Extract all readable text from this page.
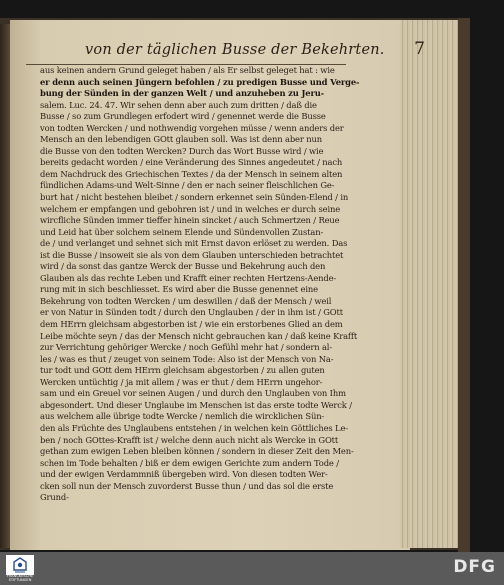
von der täglichen Busse der Bekehrten. 7
aus keinen andern Grund geleget haben / als Er selbst geleget hat : wie
er denn auch seinen Jüngern befohlen / zu predigen Busse und Verge-
bung der Sünden in der ganzen Welt / und anzuheben zu Jeru-
salem. Luc. 24. 47. Wir sehen denn aber auch zum dritten / daß die
Busse / so zum Grundlegen erfodert wird / genennet werde die Busse
von todten Wercken / und nothwendig vorgehen müsse / wenn anders der
Mensch an den lebendigen GOtt glauben soll. Was ist denn aber nun
die Busse von den todten Wercken? Durch das Wort Busse wird / wie
bereits gedacht worden / eine Veränderung des Sinnes angedeutet / nach
dem Nachdruck des Griechischen Textes / da der Mensch in seinem alten
fündlichen Adams-und Welt-Sinne / den er nach seiner fleischlichen Ge-
burt hat / nicht bestehen bleibet / sondern erkennet sein Sünden-Elend / in
welchem er empfangen und gebohren ist / und in welches er durch seine
wircfliche Sünden immer tieffer hinein sincket / auch Schmertzen / Reue
und Leid hat über solchem seinem Elende und Sündenvollen Zustan-
de / und verlanget und sehnet sich mit Ernst davon erlöset zu werden. Das
ist die Busse / insoweit sie als von dem Glauben unterschieden betrachtet
wird / da sonst das gantze Werck der Busse und Bekehrung auch den
Glauben als das rechte Leben und Krafft einer rechten Hertzens-Aende-
rung mit in sich beschliesset. Es wird aber die Busse genennet eine
Bekehrung von todten Wercken / um deswillen / daß der Mensch / weil
er von Natur in Sünden todt / durch den Unglauben / der in ihm ist / GOtt
dem HErrn gleichsam abgestorben ist / wie ein erstorbenes Glied an dem
Leibe möchte seyn / das der Mensch nicht gebrauchen kan / daß keine Krafft
zur Verrichtung gehöriger Wercke / noch Gefühl mehr hat / sondern al-
les / was es thut / zeuget von seinem Tode: Also ist der Mensch von Na-
tur todt und GOtt dem HErrn gleichsam abgestorben / zu allen guten
Wercken untüchtig / ja mit allem / was er thut / dem HErrn ungehor-
sam und ein Greuel vor seinen Augen / und durch den Unglauben von Ihm
abgesondert. Und dieser Unglaube im Menschen ist das erste todte Werck /
aus welchem alle übrige todte Wercke / nemlich die wircklichen Sün-
den als Früchte des Unglaubens entstehen / in welchen kein Göttliches Le-
ben / noch GOttes-Krafft ist / welche denn auch nicht als Wercke in GOtt
gethan zum ewigen Leben bleiben können / sondern in dieser Zeit den Men-
schen im Tode behalten / biß er dem ewigen Gerichte zum andern Tode /
und der ewigen Verdammniß übergeben wird. Von diesen todten Wer-
cken soll nun der Mensch zuvorderst Busse thun / und das sol die erste
Grund-
FRANCKESCHE STIFTUNGEN
DFG
